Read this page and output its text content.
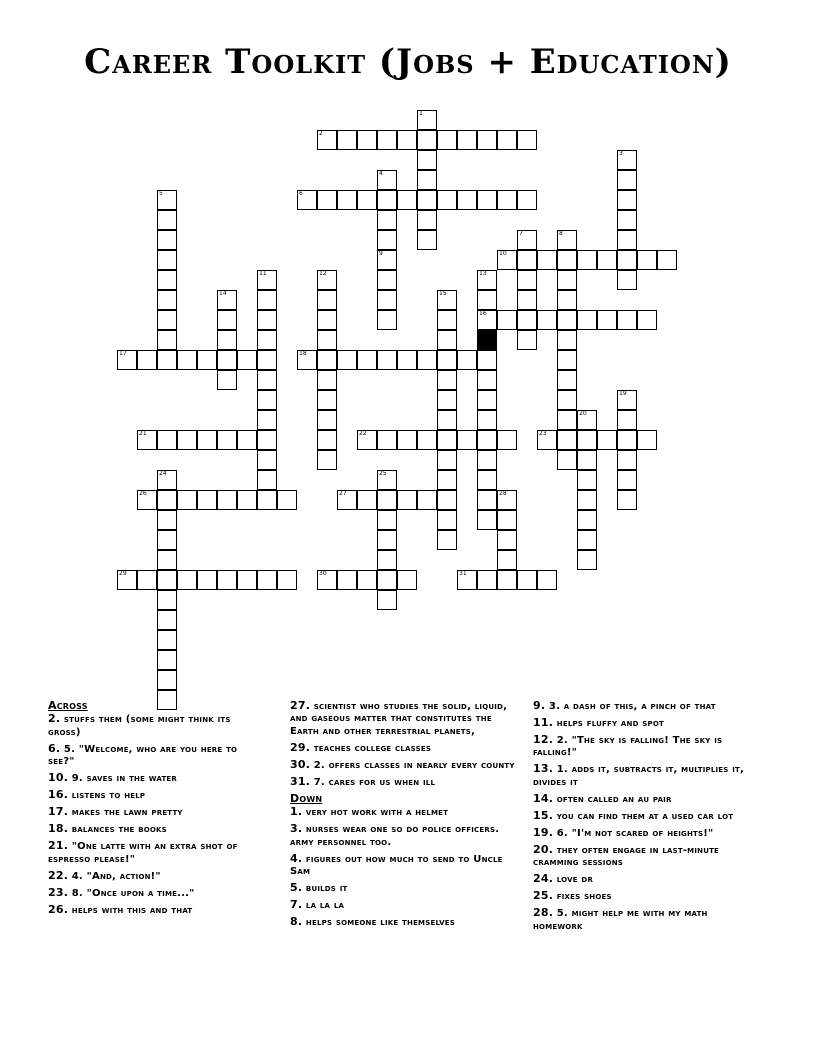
Career Toolkit (Jobs + Education)
1
2
3
4
9
5	6
7	8
10
11	12	13
16
14	15
17	18
19
20
21	22	23
24	25
26	27	28
29	30	31
Across
2. stuffs them (some might think its gross)
6. 5. "Welcome, who are you here to see?"
10. 9. saves in the water
16. listens to help
17. makes the lawn pretty
18. balances the books
21. "One latte with an extra shot of espresso please!"
22. 4. "And, action!"
23. 8. "Once upon a time..."
26. helps with this and that
27. scientist who studies the solid, liquid, and gaseous matter that constitutes the Earth and other terrestrial planets,
29. teaches college classes
30. 2. offers classes in nearly every county
31. 7. cares for us when ill
Down
1. very hot work with a helmet
3. nurses wear one so do police officers. army personnel too.
4. figures out how much to send to Uncle Sam
5. builds it
7. la la la
8. helps someone like themselves
9. 3. a dash of this, a pinch of that
11. helps fluffy and spot
12. 2. "The sky is falling! The sky is falling!"
13. 1. adds it, subtracts it, multiplies it, divides it
14. often called an au pair
15. you can find them at a used car lot
19. 6. "I'm not scared of heights!"
20. they often engage in last-minute cramming sessions
24. love dr
25. fixes shoes
28. 5. might help me with my math homework
